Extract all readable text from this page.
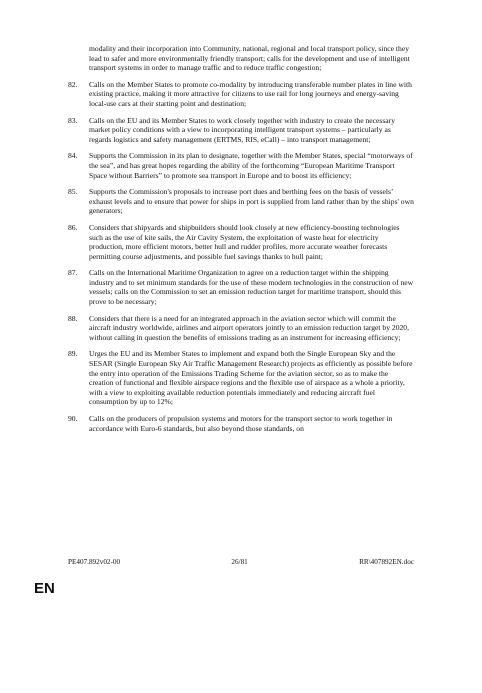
modality and their incorporation into Community, national, regional and local transport policy, since they lead to safer and more environmentally friendly transport; calls for the development and use of intelligent transport systems in order to manage traffic and to reduce traffic congestion;

82.	Calls on the Member States to promote co-modality by introducing transferable number plates in line with existing practice, making it more attractive for citizens to use rail for long journeys and energy-saving local-use cars at their starting point and destination;
83.	Calls on the EU and its Member States to work closely together with industry to create the necessary market policy conditions with a view to incorporating intelligent transport systems – particularly as regards logistics and safety management (ERTMS, RIS, eCall) – into transport management;
84.	Supports the Commission in its plan to designate, together with the Member States, special “motorways of the sea”, and has great hopes regarding the ability of the forthcoming “European Maritime Transport Space without Barriers” to promote sea transport in Europe and to boost its efficiency;
85.	Supports the Commission's proposals to increase port dues and berthing fees on the basis of vessels’ exhaust levels and to ensure that power for ships in port is supplied from land rather than by the ships' own generators;
86.	Considers that shipyards and shipbuilders should look closely at new efficiency-boosting technologies such as the use of kite sails, the Air Cavity System, the exploitation of waste heat for electricity production, more efficient motors, better hull and rudder profiles, more accurate weather forecasts permitting course adjustments, and possible fuel savings thanks to hull paint;
87.	Calls on the International Maritime Organization to agree on a reduction target within the shipping industry and to set minimum standards for the use of these modern technologies in the construction of new vessels; calls on the Commission to set an emission reduction target for maritime transport, should this prove to be necessary;
88.	Considers that there is a need for an integrated approach in the aviation sector which will commit the aircraft industry worldwide, airlines and airport operators jointly to an emission reduction target by 2020, without calling in question the benefits of emissions trading as an instrument for increasing efficiency;
89.	Urges the EU and its Member States to implement and expand both the Single European Sky and the SESAR (Single European Sky Air Traffic Management Research) projects as efficiently as possible before the entry into operation of the Emissions Trading Scheme for the aviation sector, so as to make the creation of functional and flexible airspace regions and the flexible use of airspace as a whole a priority, with a view to exploiting available reduction potentials immediately and reducing aircraft fuel consumption by up to 12%;
90.	Calls on the producers of propulsion systems and motors for the transport sector to work together in accordance with Euro-6 standards, but also beyond those standards, on
PE407.892v02-00	26/81	RR\407892EN.doc
EN
